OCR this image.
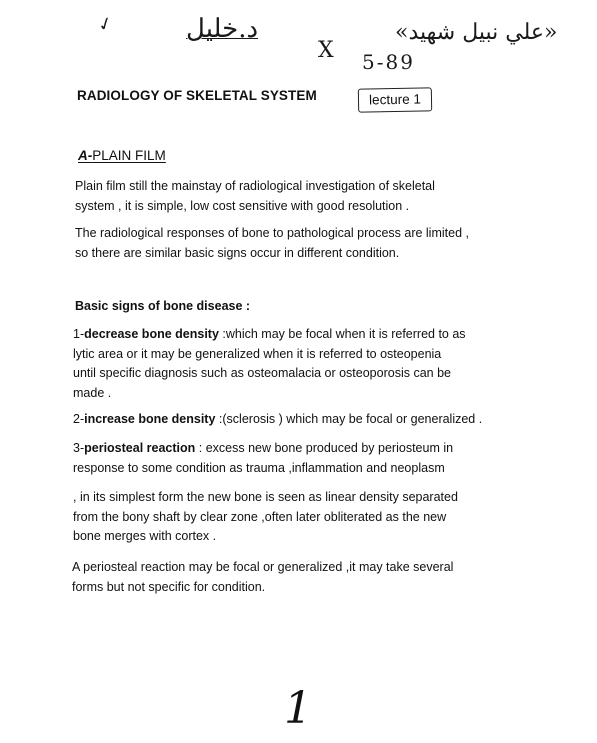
✓	د.خليل	«علي نبيل شهيد»
X 5-89
RADIOLOGY OF SKELETAL SYSTEM	lecture 1
A-PLAIN FILM
Plain film still the mainstay of radiological investigation of skeletal
system , it is simple, low cost sensitive with good resolution .
The radiological responses of bone to pathological process are limited ,
so there are similar basic signs occur in different condition.
Basic signs of bone disease :
1-decrease bone density :which may be focal when it is referred to as
lytic area or it may be generalized when it is referred to osteopenia
until specific diagnosis such as osteomalacia or osteoporosis can be
made .
2-increase bone density :(sclerosis ) which may be focal or generalized .
3-periosteal reaction : excess new bone produced by periosteum in
response to some condition as trauma ,inflammation and neoplasm
, in its simplest form the new bone is seen as linear density separated
from the bony shaft by clear zone ,often later obliterated as the new
bone merges with cortex .
A periosteal reaction may be focal or generalized ,it may take several
forms but not specific for condition.
1
